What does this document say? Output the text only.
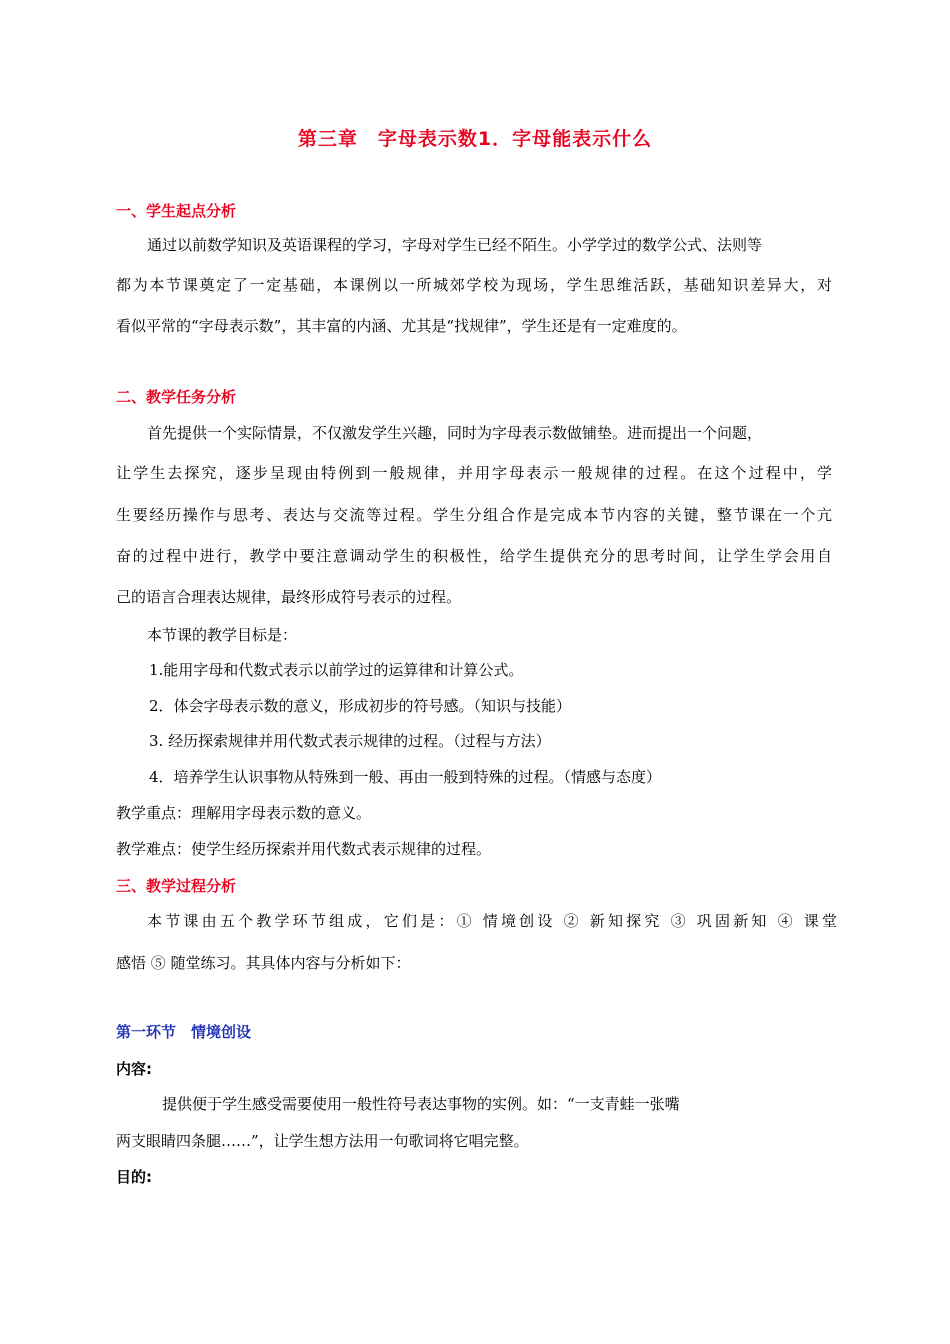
第三章　字母表示数1．字母能表示什么
一、学生起点分析
通过以前数学知识及英语课程的学习，字母对学生已经不陌生。小学学过的数学公式、法则等
都为本节课奠定了一定基础，本课例以一所城郊学校为现场，学生思维活跃，基础知识差异大，对
看似平常的“字母表示数”，其丰富的内涵、尤其是“找规律”，学生还是有一定难度的。
二、教学任务分析
首先提供一个实际情景，不仅激发学生兴趣，同时为字母表示数做铺垫。进而提出一个问题，
让学生去探究，逐步呈现由特例到一般规律，并用字母表示一般规律的过程。在这个过程中，学
生要经历操作与思考、表达与交流等过程。学生分组合作是完成本节内容的关键，整节课在一个亢
奋的过程中进行，教学中要注意调动学生的积极性，给学生提供充分的思考时间，让学生学会用自
己的语言合理表达规律，最终形成符号表示的过程。
本节课的教学目标是：
1.能用字母和代数式表示以前学过的运算律和计算公式。
2．体会字母表示数的意义，形成初步的符号感。（知识与技能）
3. 经历探索规律并用代数式表示规律的过程。（过程与方法）
4．培养学生认识事物从特殊到一般、再由一般到特殊的过程。（情感与态度）
教学重点：理解用字母表示数的意义。
教学难点：使学生经历探索并用代数式表示规律的过程。
三、教学过程分析
本节课由五个教学环节组成，它们是：① 情境创设 ② 新知探究 ③ 巩固新知 ④ 课堂
感悟 ⑤ 随堂练习。其具体内容与分析如下：
第一环节　情境创设
内容:
提供便于学生感受需要使用一般性符号表达事物的实例。如：“一支青蛙一张嘴
两支眼睛四条腿……”，让学生想方法用一句歌词将它唱完整。
目的:
